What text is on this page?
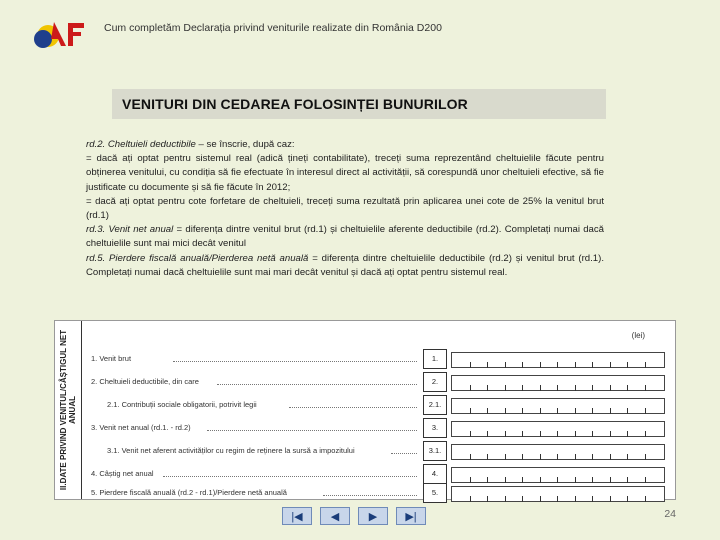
Cum completăm Declarația privind veniturile realizate din România D200
VENITURI DIN CEDAREA FOLOSINȚEI BUNURILOR

rd.2. Cheltuieli deductibile – se înscrie, după caz:

= dacă ați optat pentru sistemul real (adică țineți contabilitate), treceți suma reprezentând cheltuielile făcute pentru obținerea venitului, cu condiția să fie efectuate în interesul direct al activității, să corespundă unor cheltuieli efective, să fie justificate cu documente și să fie făcute în 2012;

= dacă ați optat pentru cote forfetare de cheltuieli, treceți suma rezultată prin aplicarea unei cote de 25% la venitul brut (rd.1)

rd.3. Venit net anual = diferența dintre venitul brut (rd.1) și cheltuielile aferente deductibile (rd.2). Completați numai dacă cheltuielile sunt mai mici decât venitul

rd.5. Pierdere fiscală anuală/Pierderea netă anuală = diferența dintre cheltuielile deductibile (rd.2) și venitul brut (rd.1). Completați numai dacă cheltuielile sunt mai mari decât venitul și dacă ați optat pentru sistemul real.

II.DATE PRIVIND VENITUL/CÂȘTIGUL NET
ANUAL
(lei)
1. Venit brut	1.
2. Cheltuieli deductibile, din care	2.
2.1. Contribuții sociale obligatorii, potrivit legii	2.1.
3. Venit net anual (rd.1. - rd.2)	3.
3.1. Venit net aferent activităților cu regim de reținere la sursă a impozitului	3.1.
4. Câștig net anual	4.
5. Pierdere fiscală anuală (rd.2 - rd.1)/Pierdere netă anuală	5.
|◀	◀	▶	▶|	24
